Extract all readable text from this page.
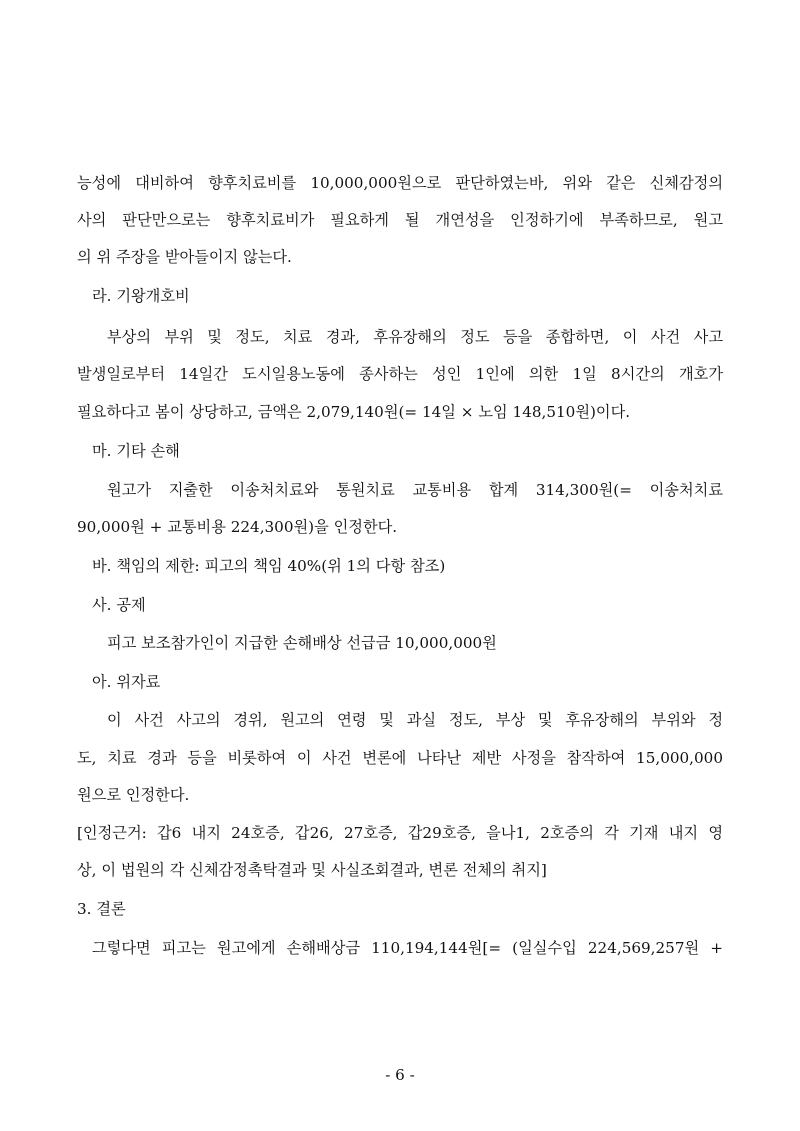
능성에 대비하여 향후치료비를 10,000,000원으로 판단하였는바, 위와 같은 신체감정의
사의 판단만으로는 향후치료비가 필요하게 될 개연성을 인정하기에 부족하므로, 원고
의 위 주장을 받아들이지 않는다.
라. 기왕개호비
부상의 부위 및 정도, 치료 경과, 후유장해의 정도 등을 종합하면, 이 사건 사고
발생일로부터 14일간 도시일용노동에 종사하는 성인 1인에 의한 1일 8시간의 개호가
필요하다고 봄이 상당하고, 금액은 2,079,140원(= 14일 × 노임 148,510원)이다.
마. 기타 손해
원고가 지출한 이송처치료와 통원치료 교통비용 합계 314,300원(= 이송처치료
90,000원 + 교통비용 224,300원)을 인정한다.
바. 책임의 제한: 피고의 책임 40%(위 1의 다항 참조)
사. 공제
피고 보조참가인이 지급한 손해배상 선급금 10,000,000원
아. 위자료
이 사건 사고의 경위, 원고의 연령 및 과실 정도, 부상 및 후유장해의 부위와 정
도, 치료 경과 등을 비롯하여 이 사건 변론에 나타난 제반 사정을 참작하여 15,000,000
원으로 인정한다.
[인정근거: 갑6 내지 24호증, 갑26, 27호증, 갑29호증, 을나1, 2호증의 각 기재 내지 영
상, 이 법원의 각 신체감정촉탁결과 및 사실조회결과, 변론 전체의 취지]
3. 결론
그렇다면 피고는 원고에게 손해배상금 110,194,144원[= (일실수입 224,569,257원 +
- 6 -
